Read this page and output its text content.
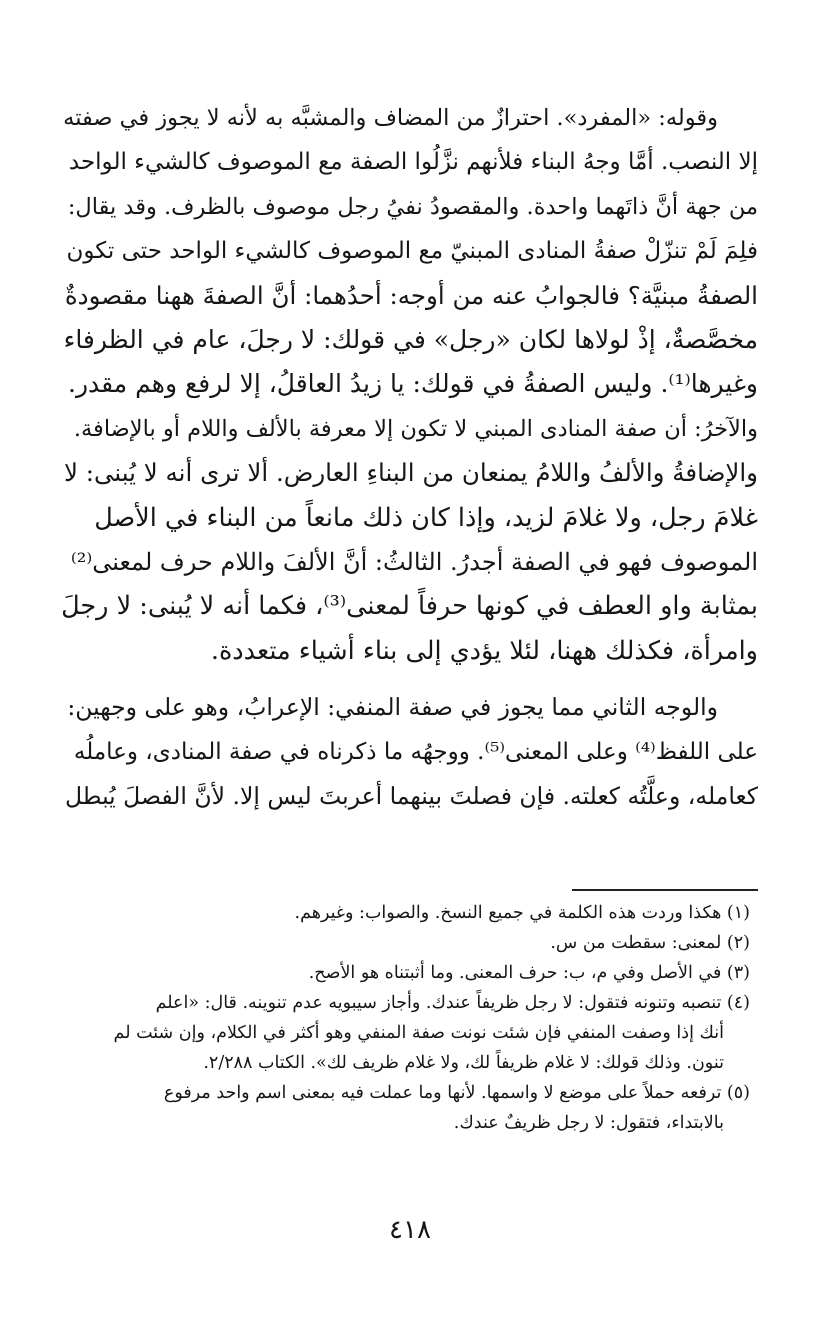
وقوله: «المفرد». احترازٌ من المضاف والمشبَّه به لأنه لا يجوز في صفته

إلا النصب. أمَّا وجهُ البناء فلأنهم نزَّلُوا الصفة مع الموصوف كالشيء الواحد

من جهة أنَّ ذاتَهما واحدة. والمقصودُ نفيُ رجل موصوف بالظرف. وقد يقال:

فلِمَ لَمْ تنزّلْ صفةُ المنادى المبنيّ مع الموصوف كالشيء الواحد حتى تكون

الصفةُ مبنيَّة؟ فالجوابُ عنه من أوجه: أحدُهما: أنَّ الصفةَ ههنا مقصودةٌ

مخصَّصةٌ، إذْ لولاها لكان «رجل» في قولك: لا رجلَ، عام في الظرفاء

وغيرها⁽¹⁾. وليس الصفةُ في قولك: يا زيدُ العاقلُ، إلا لرفع وهم مقدر.

والآخرُ: أن صفة المنادى المبني لا تكون إلا معرفة بالألف واللام أو بالإضافة.

والإضافةُ والألفُ واللامُ يمنعان من البناءِ العارض. ألا ترى أنه لا يُبنى: لا

غلامَ رجل، ولا غلامَ لزيد، وإذا كان ذلك مانعاً من البناء في الأصل

الموصوف فهو في الصفة أجدرُ. الثالثُ: أنَّ الألفَ واللام حرف لمعنى⁽²⁾

بمثابة واو العطف في كونها حرفاً لمعنى⁽³⁾، فكما أنه لا يُبنى: لا رجلَ

وامرأة، فكذلك ههنا، لئلا يؤدي إلى بناء أشياء متعددة.

والوجه الثاني مما يجوز في صفة المنفي: الإعرابُ، وهو على وجهين:

على اللفظ⁽⁴⁾ وعلى المعنى⁽⁵⁾. ووجهُه ما ذكرناه في صفة المنادى، وعاملُه

كعامله، وعلَّتُه كعلته. فإن فصلتَ بينهما أعربتَ ليس إلا. لأنَّ الفصلَ يُبطل

(١) هكذا وردت هذه الكلمة في جميع النسخ. والصواب: وغيرهم.

(٢) لمعنى: سقطت من س.

(٣) في الأصل وفي م، ب: حرف المعنى. وما أثبتناه هو الأصح.

(٤) تنصبه وتنونه فتقول: لا رجل ظريفاً عندك. وأجاز سيبويه عدم تنوينه. قال: «اعلم

أنك إذا وصفت المنفي فإن شئت نونت صفة المنفي وهو أكثر في الكلام، وإن شئت لم

تنون. وذلك قولك: لا غلام ظريفاً لك، ولا غلام ظريف لك». الكتاب ٢/٢٨٨.

(٥) ترفعه حملاً على موضع لا واسمها. لأنها وما عملت فيه بمعنى اسم واحد مرفوع

بالابتداء، فتقول: لا رجل ظريفٌ عندك.

٤١٨
